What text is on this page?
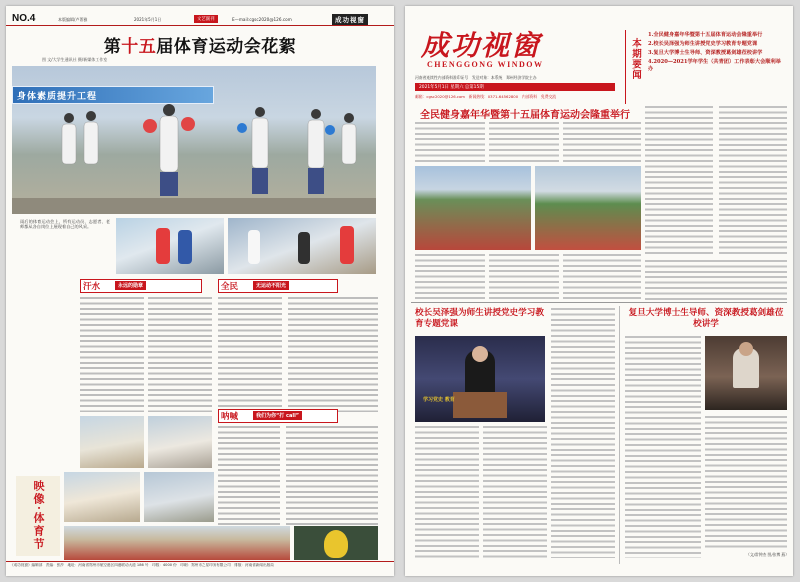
NO.4	本版编辑/卢菁雅	2021年5月1日	文艺副刊	E—mail:cgsc2020@126.com	成功视窗
第十五届体育运动会花絮
图 文/大学生通讯社 摄/新媒体工作室
身体素质提升工程
雨后的体育运动会上，所有运动员、志愿者、老师都从各自岗位上展现着自己的风采。
汗水	永远的勋章	全民	无运动不阳光
呐喊	我们为你“打 call”
映像·体育节
《成功视窗》编辑部　责编：张莎　地址：河南省郑州市航空港区四港联动大道 186 号　印数：4000 份　印刷：郑州市之星印务有限公司　排版：河南省新闻出版局
成功视窗
CHENGGONG WINDOW
河南省连续性内部资料准印证号　发送对象：本系统　郑州经济学院主办
2021年5月1日 星期六 总第15期
邮箱：cgsc2020@126.com　新闻热线：0371-64562800　内部资料　免费交流
本期要闻
1.全民健身嘉年华暨第十五届体育运动会隆重举行
2.校长吴泽强为师生讲授党史学习教育专题党课
3.复旦大学博士生导师、资深教授葛剑雄莅校讲学
4.2020—2021学年学生（共青团）工作表彰大会顺利举办
全民健身嘉年华暨第十五届体育运动会隆重举行
校长吴泽强为师生讲授党史学习教育专题党课
学习党史 教育
复旦大学博士生导师、资深教授葛剑雄莅校讲学
（文/常钟杰 图/张博 燕）
